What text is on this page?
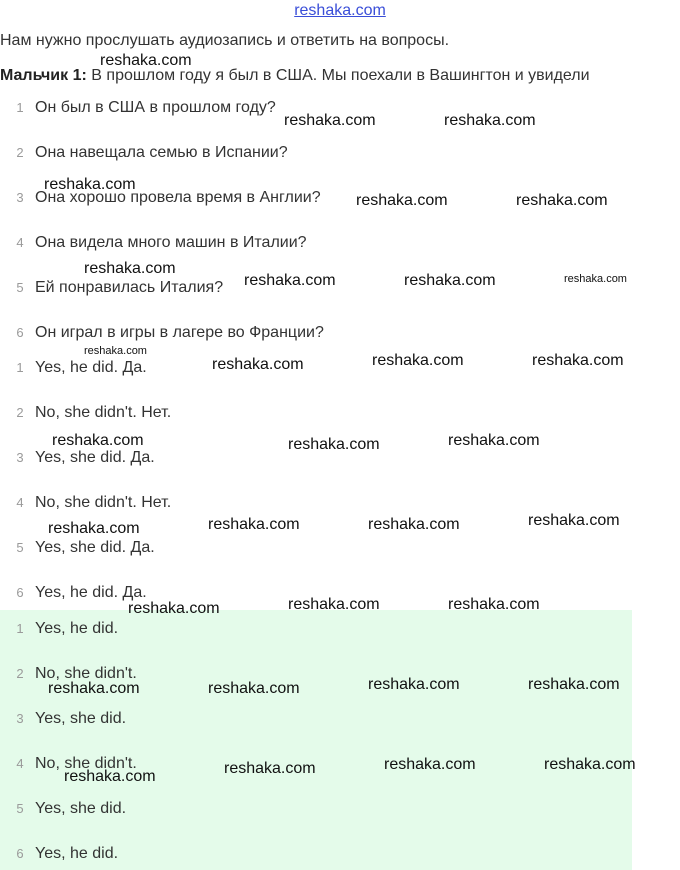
reshaka.com
Нам нужно прослушать аудиозапись и ответить на вопросы.
Мальчик 1: В прошлом году я был в США. Мы поехали в Вашингтон и увидели
1 Он был в США в прошлом году?
2 Она навещала семью в Испании?
3 Она хорошо провела время в Англии?
4 Она видела много машин в Италии?
5 Ей понравилась Италия?
6 Он играл в игры в лагере во Франции?
1 Yes, he did. Да.
2 No, she didn't. Нет.
3 Yes, she did. Да.
4 No, she didn't. Нет.
5 Yes, she did. Да.
6 Yes, he did. Да.
1 Yes, he did.
2 No, she didn't.
3 Yes, she did.
4 No, she didn't.
5 Yes, she did.
6 Yes, he did.
reshaka.com
reshaka.com	reshaka.com
reshaka.com
reshaka.com	reshaka.com
reshaka.com
reshaka.com	reshaka.com	reshaka.com
reshaka.com
reshaka.com	reshaka.com	reshaka.com
reshaka.com	reshaka.com	reshaka.com
reshaka.com	reshaka.com	reshaka.com	reshaka.com
reshaka.com	reshaka.com	reshaka.com
reshaka.com	reshaka.com	reshaka.com	reshaka.com
reshaka.com	reshaka.com	reshaka.com	reshaka.com
